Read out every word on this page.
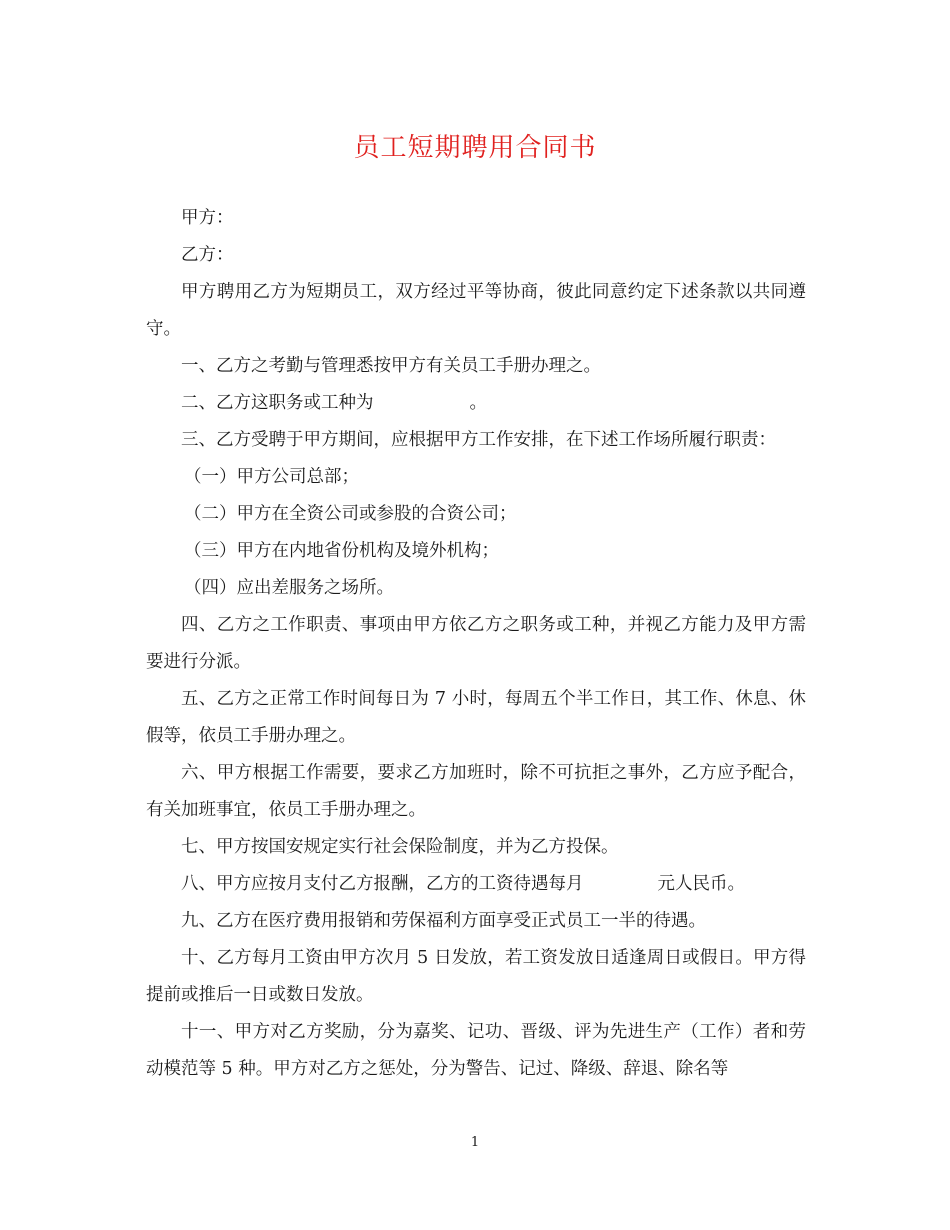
员工短期聘用合同书

甲方：

乙方：

甲方聘用乙方为短期员工，双方经过平等协商，彼此同意约定下述条款以共同遵守。

一、乙方之考勤与管理悉按甲方有关员工手册办理之。

二、乙方这职务或工种为	。

三、乙方受聘于甲方期间，应根据甲方工作安排，在下述工作场所履行职责：

（一）甲方公司总部；

（二）甲方在全资公司或参股的合资公司；

（三）甲方在内地省份机构及境外机构；

（四）应出差服务之场所。

四、乙方之工作职责、事项由甲方依乙方之职务或工种，并视乙方能力及甲方需要进行分派。

五、乙方之正常工作时间每日为 7 小时，每周五个半工作日，其工作、休息、休假等，依员工手册办理之。

六、甲方根据工作需要，要求乙方加班时，除不可抗拒之事外，乙方应予配合，有关加班事宜，依员工手册办理之。

七、甲方按国安规定实行社会保险制度，并为乙方投保。

八、甲方应按月支付乙方报酬，乙方的工资待遇每月	元人民币。

九、乙方在医疗费用报销和劳保福利方面享受正式员工一半的待遇。

十、乙方每月工资由甲方次月 5 日发放，若工资发放日适逢周日或假日。甲方得提前或推后一日或数日发放。

十一、甲方对乙方奖励，分为嘉奖、记功、晋级、评为先进生产（工作）者和劳动模范等 5 种。甲方对乙方之惩处，分为警告、记过、降级、辞退、除名等

1
